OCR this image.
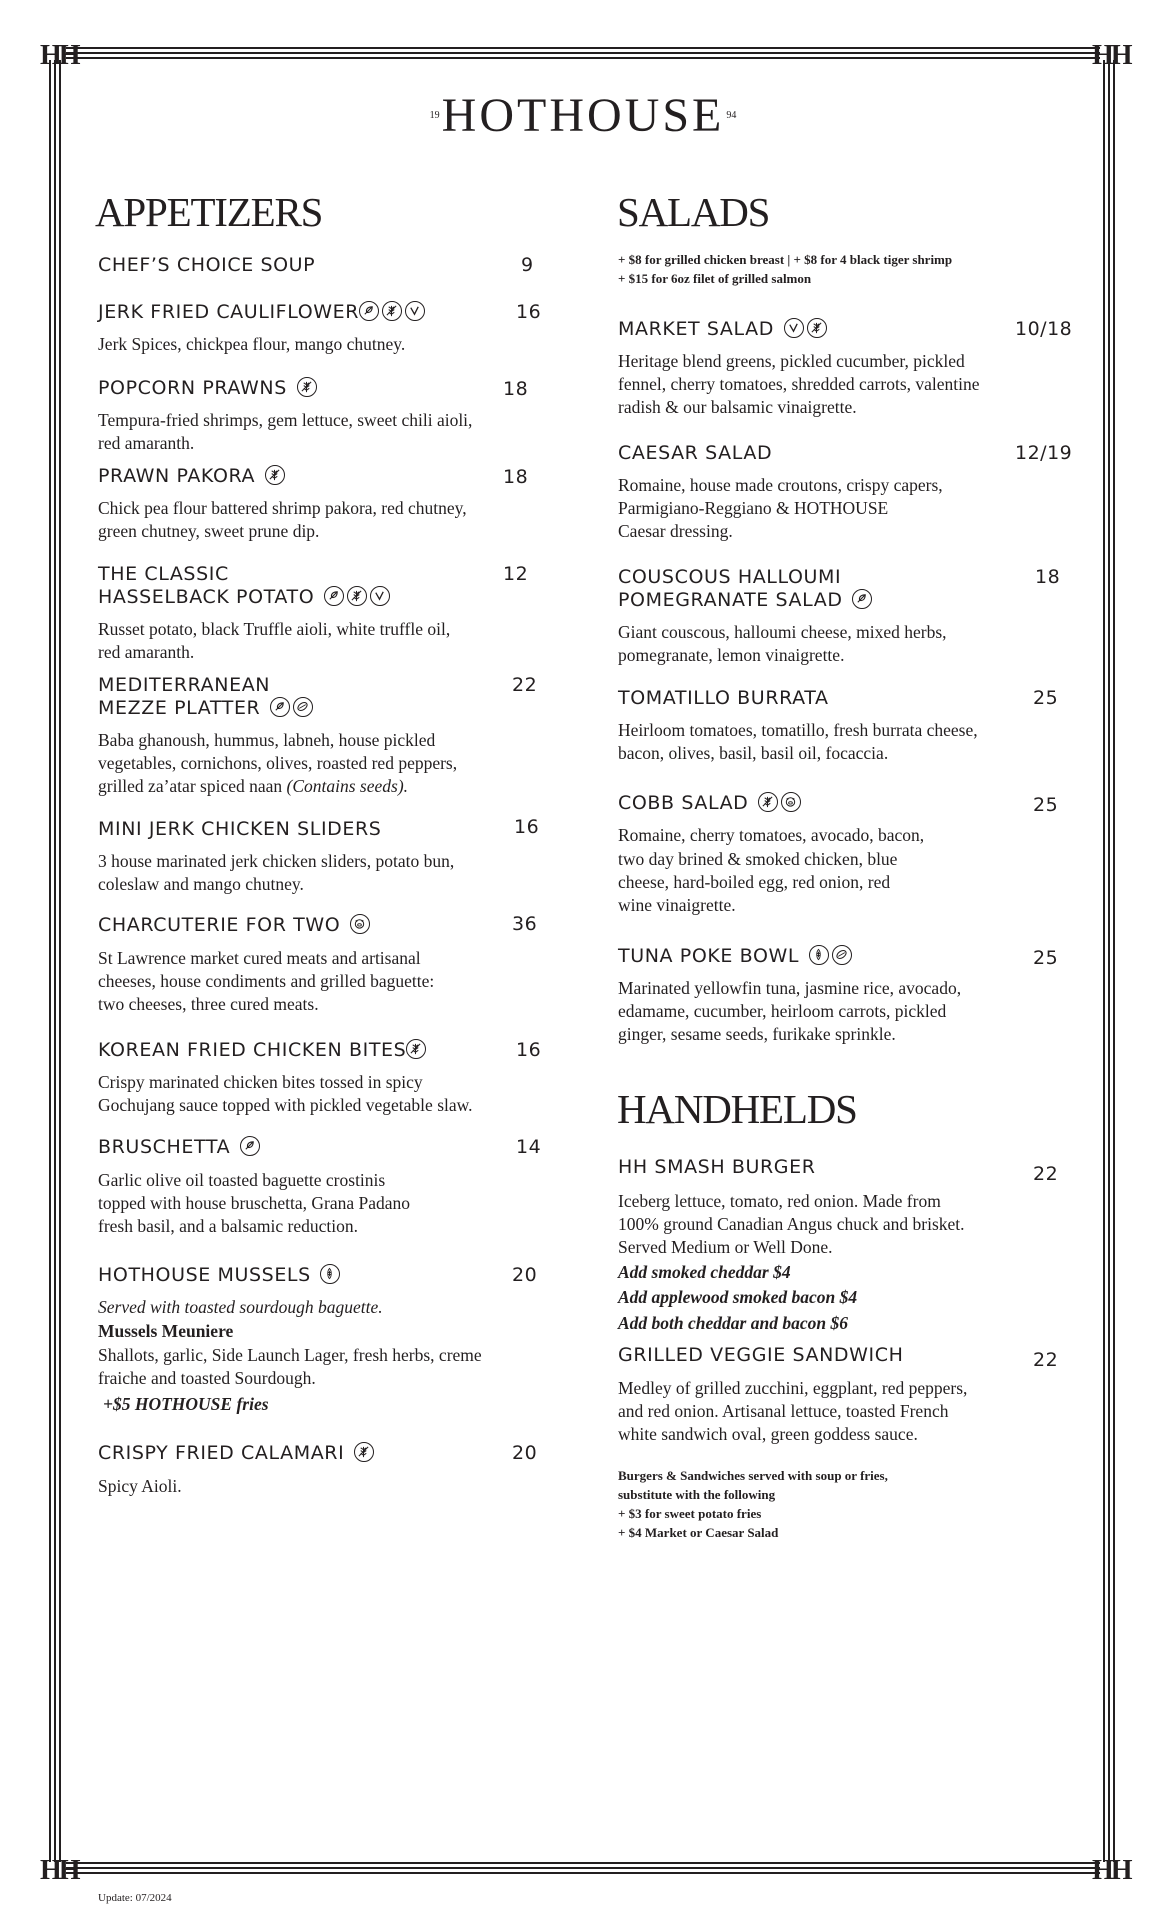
HH	HH
HH	HH
19HOTHOUSE 94
APPETIZERS
CHEF’S CHOICE SOUP	9
JERK FRIED CAULIFLOWER	16
Jerk Spices, chickpea flour, mango chutney.
POPCORN PRAWNS	18
Tempura-fried shrimps, gem lettuce, sweet chili aioli,
red amaranth.
PRAWN PAKORA	18
Chick pea flour battered shrimp pakora, red chutney,
green chutney, sweet prune dip.
THE CLASSIC
HASSELBACK POTATO
12
Russet potato, black Truffle aioli, white truffle oil,
red amaranth.
MEDITERRANEAN
MEZZE PLATTER
22
Baba ghanoush, hummus, labneh, house pickled
vegetables, cornichons, olives, roasted red peppers,
grilled za’atar spiced naan (Contains seeds).
MINI JERK CHICKEN SLIDERS	16
3 house marinated jerk chicken sliders, potato bun,
coleslaw and mango chutney.
CHARCUTERIE FOR TWO	36
St Lawrence market cured meats and artisanal
cheeses, house condiments and grilled baguette:
two cheeses, three cured meats.
KOREAN FRIED CHICKEN BITES	16
Crispy marinated chicken bites tossed in spicy
Gochujang sauce topped with pickled vegetable slaw.
BRUSCHETTA	14
Garlic olive oil toasted baguette crostinis
topped with house bruschetta, Grana Padano
fresh basil, and a balsamic reduction.
HOTHOUSE MUSSELS	20
Served with toasted sourdough baguette.
Mussels Meuniere
Shallots, garlic, Side Launch Lager, fresh herbs, creme
fraiche and toasted Sourdough.
+$5 HOTHOUSE fries
CRISPY FRIED CALAMARI	20
Spicy Aioli.
SALADS
+ $8 for grilled chicken breast | + $8 for 4 black tiger shrimp
+ $15 for 6oz filet of grilled salmon
MARKET SALAD	10/18
Heritage blend greens, pickled cucumber, pickled
fennel, cherry tomatoes, shredded carrots, valentine
radish & our balsamic vinaigrette.
CAESAR SALAD	12/19
Romaine, house made croutons, crispy capers,
Parmigiano-Reggiano & HOTHOUSE
Caesar dressing.
COUSCOUS HALLOUMI
POMEGRANATE SALAD
18
Giant couscous, halloumi cheese, mixed herbs,
pomegranate, lemon vinaigrette.
TOMATILLO BURRATA	25
Heirloom tomatoes, tomatillo, fresh burrata cheese,
bacon, olives, basil, basil oil, focaccia.
COBB SALAD	25
Romaine, cherry tomatoes, avocado, bacon,
two day brined & smoked chicken, blue
cheese, hard-boiled egg, red onion, red
wine vinaigrette.
TUNA POKE BOWL	25
Marinated yellowfin tuna, jasmine rice, avocado,
edamame, cucumber, heirloom carrots, pickled
ginger, sesame seeds, furikake sprinkle.
HANDHELDS
HH SMASH BURGER	22
Iceberg lettuce, tomato, red onion. Made from
100% ground Canadian Angus chuck and brisket.
Served Medium or Well Done.
Add smoked cheddar $4
Add applewood smoked bacon $4
Add both cheddar and bacon $6
GRILLED VEGGIE SANDWICH	22
Medley of grilled zucchini, eggplant, red peppers,
and red onion. Artisanal lettuce, toasted French
white sandwich oval, green goddess sauce.
Burgers & Sandwiches served with soup or fries,
substitute with the following
+ $3 for sweet potato fries
+ $4 Market or Caesar Salad
Update: 07/2024
